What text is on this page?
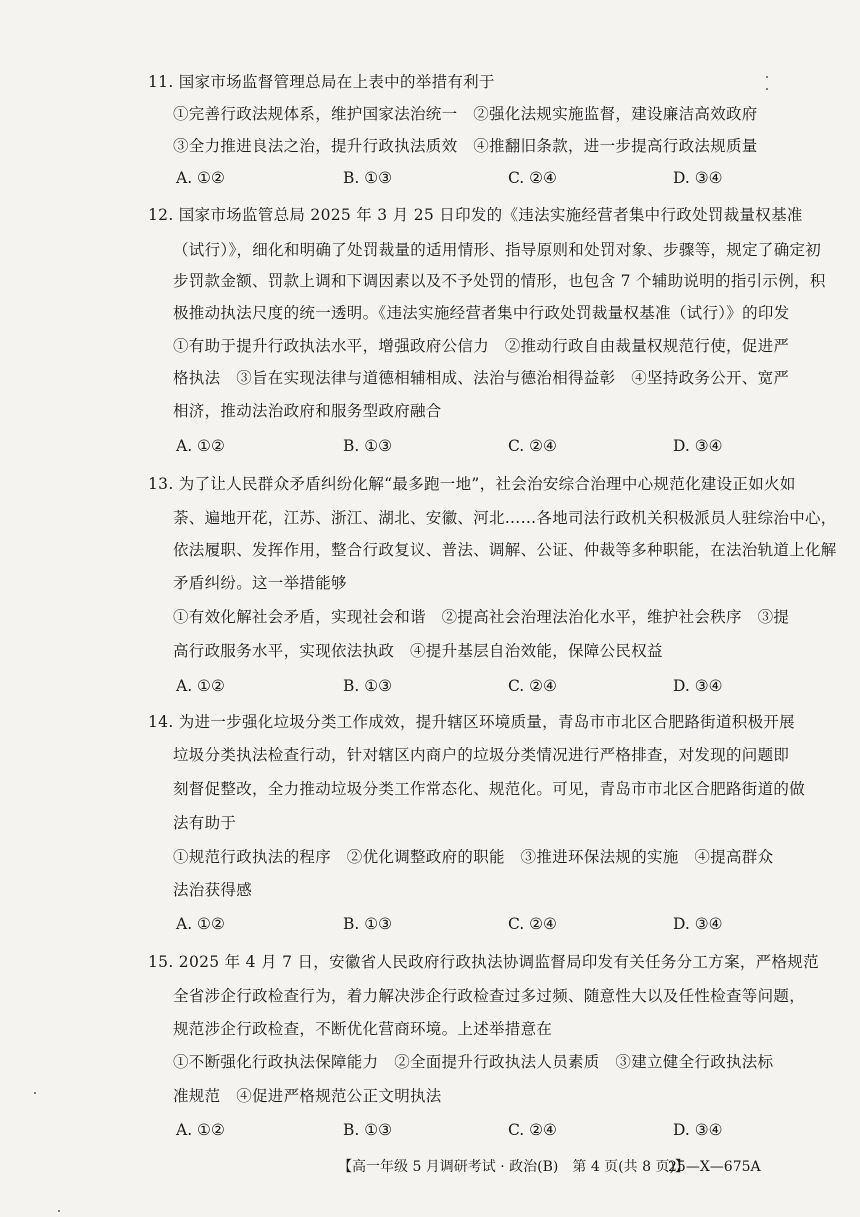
11. 国家市场监督管理总局在上表中的举措有利于
①完善行政法规体系，维护国家法治统一　②强化法规实施监督，建设廉洁高效政府
③全力推进良法之治，提升行政执法质效　④推翻旧条款，进一步提高行政法规质量
A. ①②	B. ①③	C. ②④	D. ③④
12. 国家市场监管总局 2025 年 3 月 25 日印发的《违法实施经营者集中行政处罚裁量权基准
（试行）》，细化和明确了处罚裁量的适用情形、指导原则和处罚对象、步骤等，规定了确定初
步罚款金额、罚款上调和下调因素以及不予处罚的情形，也包含 7 个辅助说明的指引示例，积
极推动执法尺度的统一透明。《违法实施经营者集中行政处罚裁量权基准（试行）》的印发
①有助于提升行政执法水平，增强政府公信力　②推动行政自由裁量权规范行使，促进严
格执法　③旨在实现法律与道德相辅相成、法治与德治相得益彰　④坚持政务公开、宽严
相济，推动法治政府和服务型政府融合
A. ①②	B. ①③	C. ②④	D. ③④
13. 为了让人民群众矛盾纠纷化解“最多跑一地”，社会治安综合治理中心规范化建设正如火如
荼、遍地开花，江苏、浙江、湖北、安徽、河北……各地司法行政机关积极派员人驻综治中心，
依法履职、发挥作用，整合行政复议、普法、调解、公证、仲裁等多种职能，在法治轨道上化解
矛盾纠纷。这一举措能够
①有效化解社会矛盾，实现社会和谐　②提高社会治理法治化水平，维护社会秩序　③提
高行政服务水平，实现依法执政　④提升基层自治效能，保障公民权益
A. ①②	B. ①③	C. ②④	D. ③④
14. 为进一步强化垃圾分类工作成效，提升辖区环境质量，青岛市市北区合肥路街道积极开展
垃圾分类执法检查行动，针对辖区内商户的垃圾分类情况进行严格排查，对发现的问题即
刻督促整改，全力推动垃圾分类工作常态化、规范化。可见，青岛市市北区合肥路街道的做
法有助于
①规范行政执法的程序　②优化调整政府的职能　③推进环保法规的实施　④提高群众
法治获得感
A. ①②	B. ①③	C. ②④	D. ③④
15. 2025 年 4 月 7 日，安徽省人民政府行政执法协调监督局印发有关任务分工方案，严格规范
全省涉企行政检查行为，着力解决涉企行政检查过多过频、随意性大以及任性检查等问题，
规范涉企行政检查，不断优化营商环境。上述举措意在
①不断强化行政执法保障能力　②全面提升行政执法人员素质　③建立健全行政执法标
准规范　④促进严格规范公正文明执法
A. ①②	B. ①③	C. ②④	D. ③④
【高一年级 5 月调研考试 · 政治(B)　第 4 页(共 8 页)】
25—X—675A
